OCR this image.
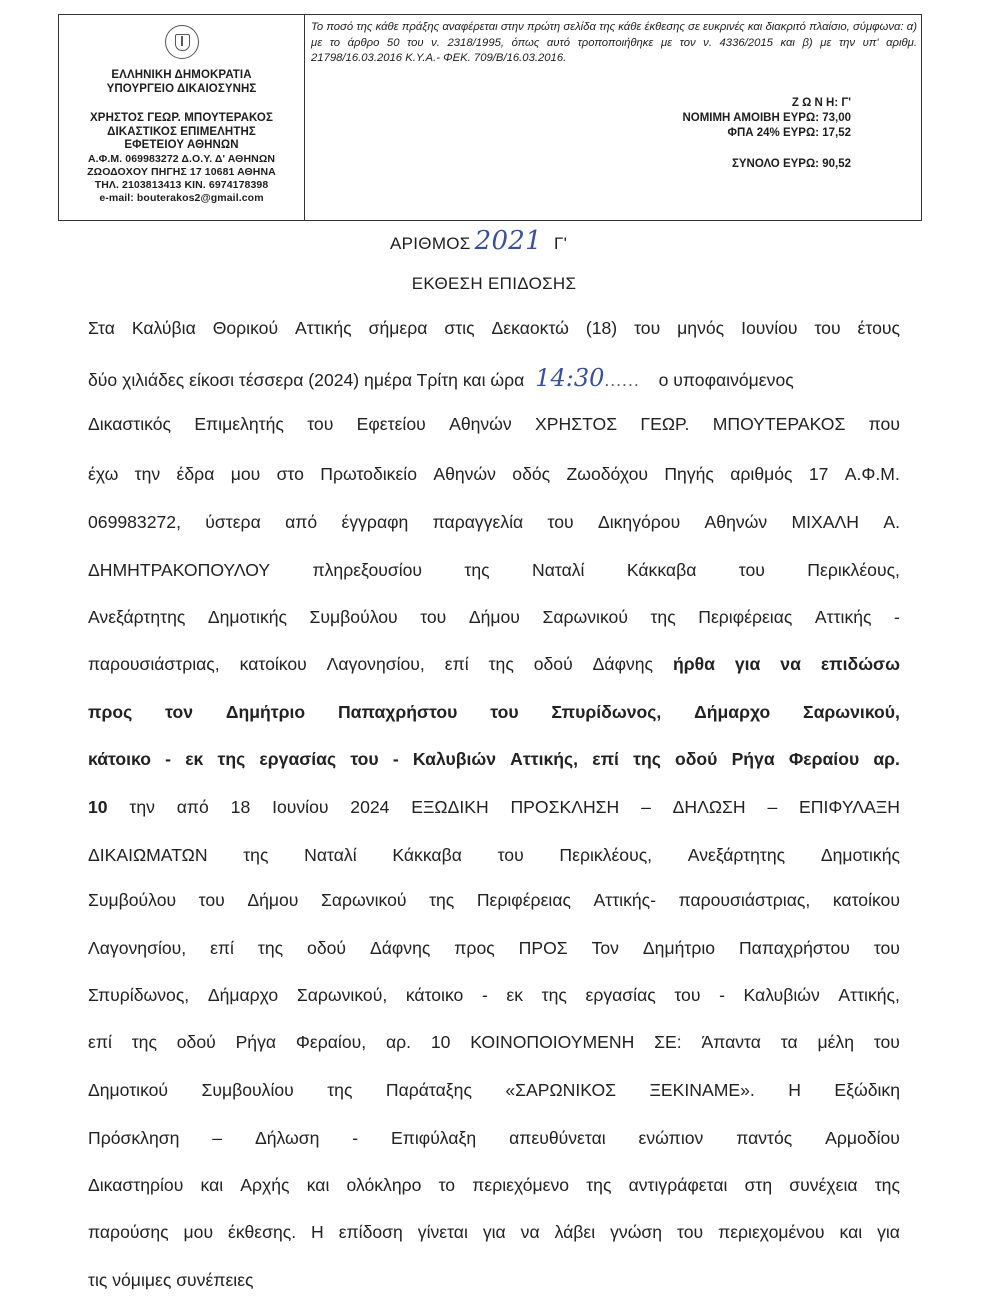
ΕΛΛΗΝΙΚΗ ΔΗΜΟΚΡΑΤΙΑ
ΥΠΟΥΡΓΕΙΟ ΔΙΚΑΙΟΣΥΝΗΣ
ΧΡΗΣΤΟΣ ΓΕΩΡ. ΜΠΟΥΤΕΡΑΚΟΣ
ΔΙΚΑΣΤΙΚΟΣ ΕΠΙΜΕΛΗΤΗΣ
ΕΦΕΤΕΙΟΥ ΑΘΗΝΩΝ
Α.Φ.Μ. 069983272 Δ.Ο.Υ. Δ' ΑΘΗΝΩΝ
ΖΩΟΔΟΧΟΥ ΠΗΓΗΣ 17 10681 ΑΘΗΝΑ
ΤΗΛ. 2103813413 ΚΙΝ. 6974178398
e-mail: bouterakos2@gmail.com
Το ποσό της κάθε πράξης αναφέρεται στην πρώτη σελίδα της κάθε έκθεσης σε ευκρινές και διακριτό πλαίσιο, σύμφωνα: α) με το άρθρο 50 του ν. 2318/1995, όπως αυτό τροποποιήθηκε με τον ν. 4336/2015 και β) με την υπ' αριθμ. 21798/16.03.2016 Κ.Υ.Α.- ΦΕΚ. 709/Β/16.03.2016.
Ζ Ω Ν Η: Γ'
ΝΟΜΙΜΗ ΑΜΟΙΒΗ ΕΥΡΩ: 73,00
ΦΠΑ 24% ΕΥΡΩ: 17,52
ΣΥΝΟΛΟ ΕΥΡΩ: 90,52
ΑΡΙΘΜΟΣ 2021 Γ'
ΕΚΘΕΣΗ ΕΠΙΔΟΣΗΣ
Στα Καλύβια Θορικού Αττικής σήμερα στις Δεκαοκτώ (18) του μηνός Ιουνίου του έτους
δύο χιλιάδες είκοσι τέσσερα (2024) ημέρα Τρίτη και ώρα 14:30...... ο υποφαινόμενος
Δικαστικός Επιμελητής του Εφετείου Αθηνών ΧΡΗΣΤΟΣ ΓΕΩΡ. ΜΠΟΥΤΕΡΑΚΟΣ που
έχω την έδρα μου στο Πρωτοδικείο Αθηνών οδός Ζωοδόχου Πηγής αριθμός 17 Α.Φ.Μ.
069983272, ύστερα από έγγραφη παραγγελία του Δικηγόρου Αθηνών ΜΙΧΑΛΗ Α.
ΔΗΜΗΤΡΑΚΟΠΟΥΛΟΥ πληρεξουσίου της Ναταλί Κάκκαβα του Περικλέους,
Ανεξάρτητης Δημοτικής Συμβούλου του Δήμου Σαρωνικού της Περιφέρειας Αττικής -
παρουσιάστριας, κατοίκου Λαγονησίου, επί της οδού Δάφνης ήρθα για να επιδώσω
προς τον Δημήτριο Παπαχρήστου του Σπυρίδωνος, Δήμαρχο Σαρωνικού,
κάτοικο - εκ της εργασίας του - Καλυβιών Αττικής, επί της οδού Ρήγα Φεραίου αρ.
10 την από 18 Ιουνίου 2024 ΕΞΩΔΙΚΗ ΠΡΟΣΚΛΗΣΗ – ΔΗΛΩΣΗ – ΕΠΙΦΥΛΑΞΗ
ΔΙΚΑΙΩΜΑΤΩΝ της Ναταλί Κάκκαβα του Περικλέους, Ανεξάρτητης Δημοτικής
Συμβούλου του Δήμου Σαρωνικού της Περιφέρειας Αττικής- παρουσιάστριας, κατοίκου
Λαγονησίου, επί της οδού Δάφνης προς ΠΡΟΣ Τον Δημήτριο Παπαχρήστου του
Σπυρίδωνος, Δήμαρχο Σαρωνικού, κάτοικο - εκ της εργασίας του - Καλυβιών Αττικής,
επί της οδού Ρήγα Φεραίου, αρ. 10 ΚΟΙΝΟΠΟΙΟΥΜΕΝΗ ΣΕ: Άπαντα τα μέλη του
Δημοτικού Συμβουλίου της Παράταξης «ΣΑΡΩΝΙΚΟΣ ΞΕΚΙΝΑΜΕ». Η Εξώδικη
Πρόσκληση – Δήλωση - Επιφύλαξη απευθύνεται ενώπιον παντός Αρμοδίου
Δικαστηρίου και Αρχής και ολόκληρο το περιεχόμενο της αντιγράφεται στη συνέχεια της
παρούσης μου έκθεσης. Η επίδοση γίνεται για να λάβει γνώση του περιεχομένου και για
τις νόμιμες συνέπειες
